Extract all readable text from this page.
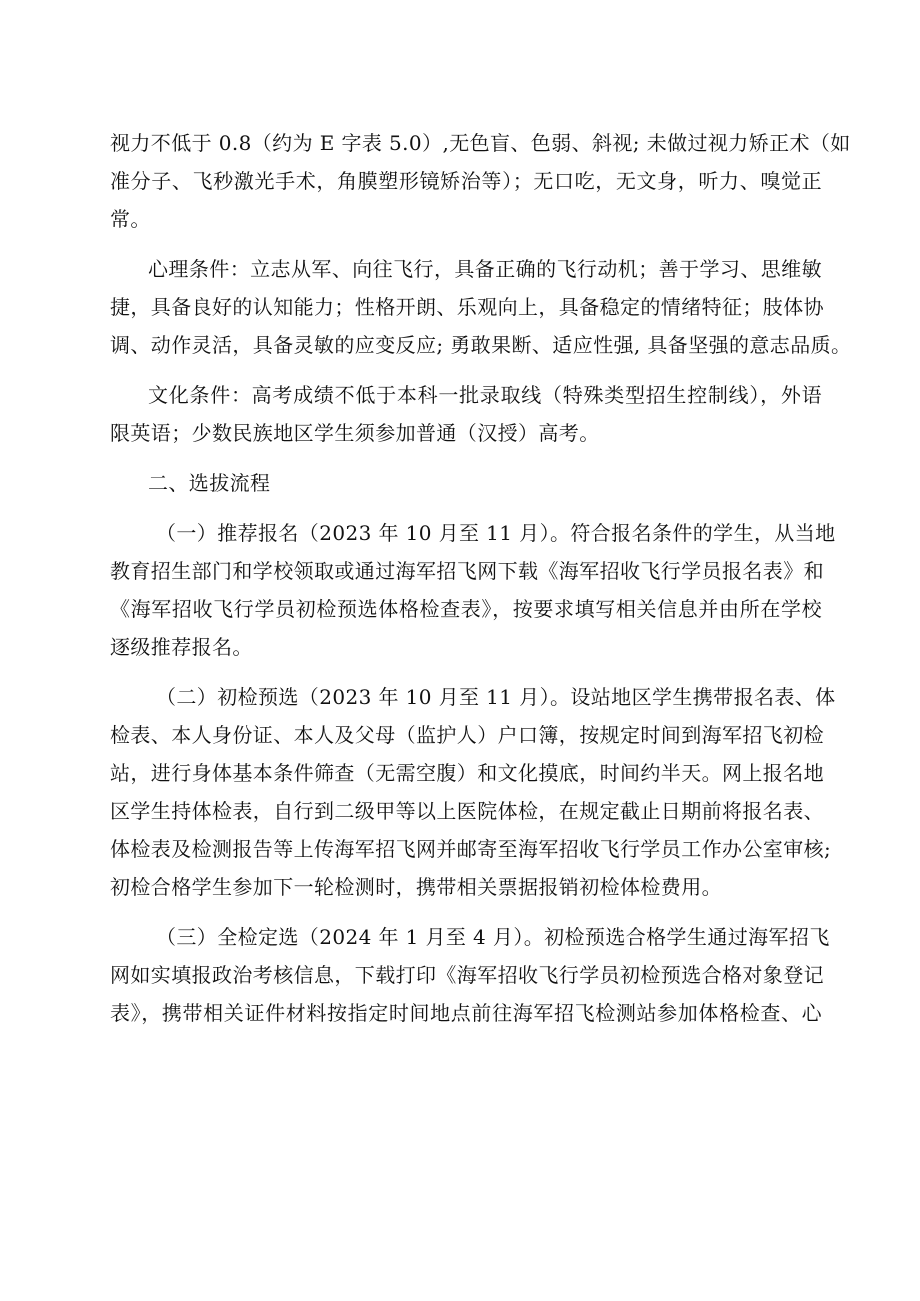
视力不低于 0.8（约为 E 字表 5.0）,无色盲、色弱、斜视; 未做过视力矫正术（如
准分子、飞秒激光手术，角膜塑形镜矫治等）；无口吃，无文身，听力、嗅觉正
常。
心理条件：立志从军、向往飞行，具备正确的飞行动机；善于学习、思维敏
捷，具备良好的认知能力；性格开朗、乐观向上，具备稳定的情绪特征；肢体协
调、动作灵活，具备灵敏的应变反应; 勇敢果断、适应性强, 具备坚强的意志品质。
文化条件：高考成绩不低于本科一批录取线（特殊类型招生控制线），外语
限英语；少数民族地区学生须参加普通（汉授）高考。
二、选拔流程
（一）推荐报名（2023 年 10 月至 11 月）。符合报名条件的学生，从当地
教育招生部门和学校领取或通过海军招飞网下载《海军招收飞行学员报名表》和
《海军招收飞行学员初检预选体格检查表》，按要求填写相关信息并由所在学校
逐级推荐报名。
（二）初检预选（2023 年 10 月至 11 月）。设站地区学生携带报名表、体
检表、本人身份证、本人及父母（监护人）户口簿，按规定时间到海军招飞初检
站，进行身体基本条件筛查（无需空腹）和文化摸底，时间约半天。网上报名地
区学生持体检表，自行到二级甲等以上医院体检，在规定截止日期前将报名表、
体检表及检测报告等上传海军招飞网并邮寄至海军招收飞行学员工作办公室审核;
初检合格学生参加下一轮检测时，携带相关票据报销初检体检费用。
（三）全检定选（2024 年 1 月至 4 月）。初检预选合格学生通过海军招飞
网如实填报政治考核信息，下载打印《海军招收飞行学员初检预选合格对象登记
表》，携带相关证件材料按指定时间地点前往海军招飞检测站参加体格检查、心
